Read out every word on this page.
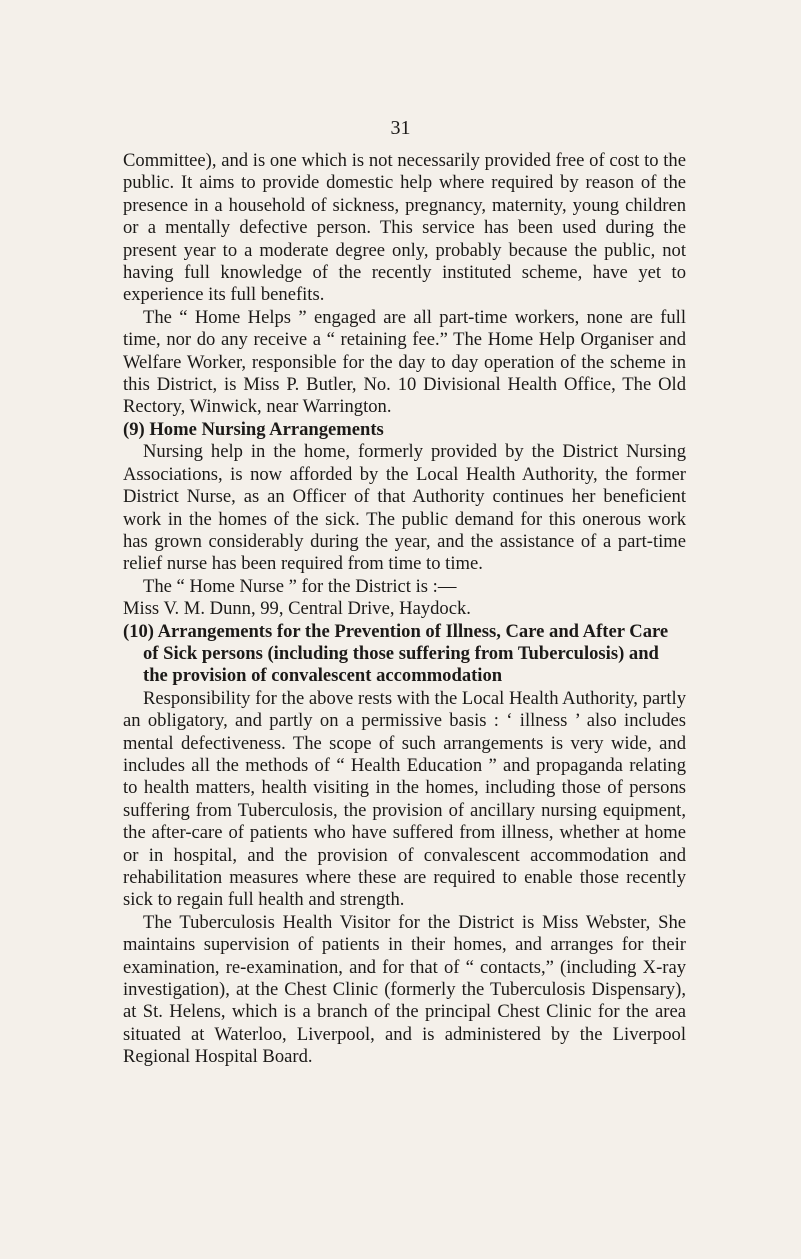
31

Committee), and is one which is not necessarily provided free of cost to the public. It aims to provide domestic help where required by reason of the presence in a household of sickness, pregnancy, maternity, young children or a mentally defective person. This service has been used during the present year to a moderate degree only, probably because the public, not having full knowledge of the recently instituted scheme, have yet to experience its full benefits.

The “ Home Helps ” engaged are all part-time workers, none are full time, nor do any receive a “ retaining fee.” The Home Help Organiser and Welfare Worker, responsible for the day to day operation of the scheme in this District, is Miss P. Butler, No. 10 Divisional Health Office, The Old Rectory, Winwick, near Warrington.

(9) Home Nursing Arrangements

Nursing help in the home, formerly provided by the District Nursing Associations, is now afforded by the Local Health Authority, the former District Nurse, as an Officer of that Authority continues her beneficient work in the homes of the sick. The public demand for this onerous work has grown considerably during the year, and the assistance of a part-time relief nurse has been required from time to time.

The “ Home Nurse ” for the District is :—

Miss V. M. Dunn, 99, Central Drive, Haydock.

(10) Arrangements for the Prevention of Illness, Care and After Care of Sick persons (including those suffering from Tuberculosis) and the provision of convalescent accommodation

Responsibility for the above rests with the Local Health Authority, partly an obligatory, and partly on a permissive basis : ‘ illness ’ also includes mental defectiveness. The scope of such arrangements is very wide, and includes all the methods of “ Health Education ” and propaganda relating to health matters, health visiting in the homes, including those of persons suffering from Tuberculosis, the provision of ancillary nursing equipment, the after-care of patients who have suffered from illness, whether at home or in hospital, and the provision of convalescent accommodation and rehabilitation measures where these are required to enable those recently sick to regain full health and strength.

The Tuberculosis Health Visitor for the District is Miss Webster, She maintains supervision of patients in their homes, and arranges for their examination, re-examination, and for that of “ contacts,” (including X-ray investigation), at the Chest Clinic (formerly the Tuberculosis Dispensary), at St. Helens, which is a branch of the principal Chest Clinic for the area situated at Waterloo, Liverpool, and is administered by the Liverpool Regional Hospital Board.
